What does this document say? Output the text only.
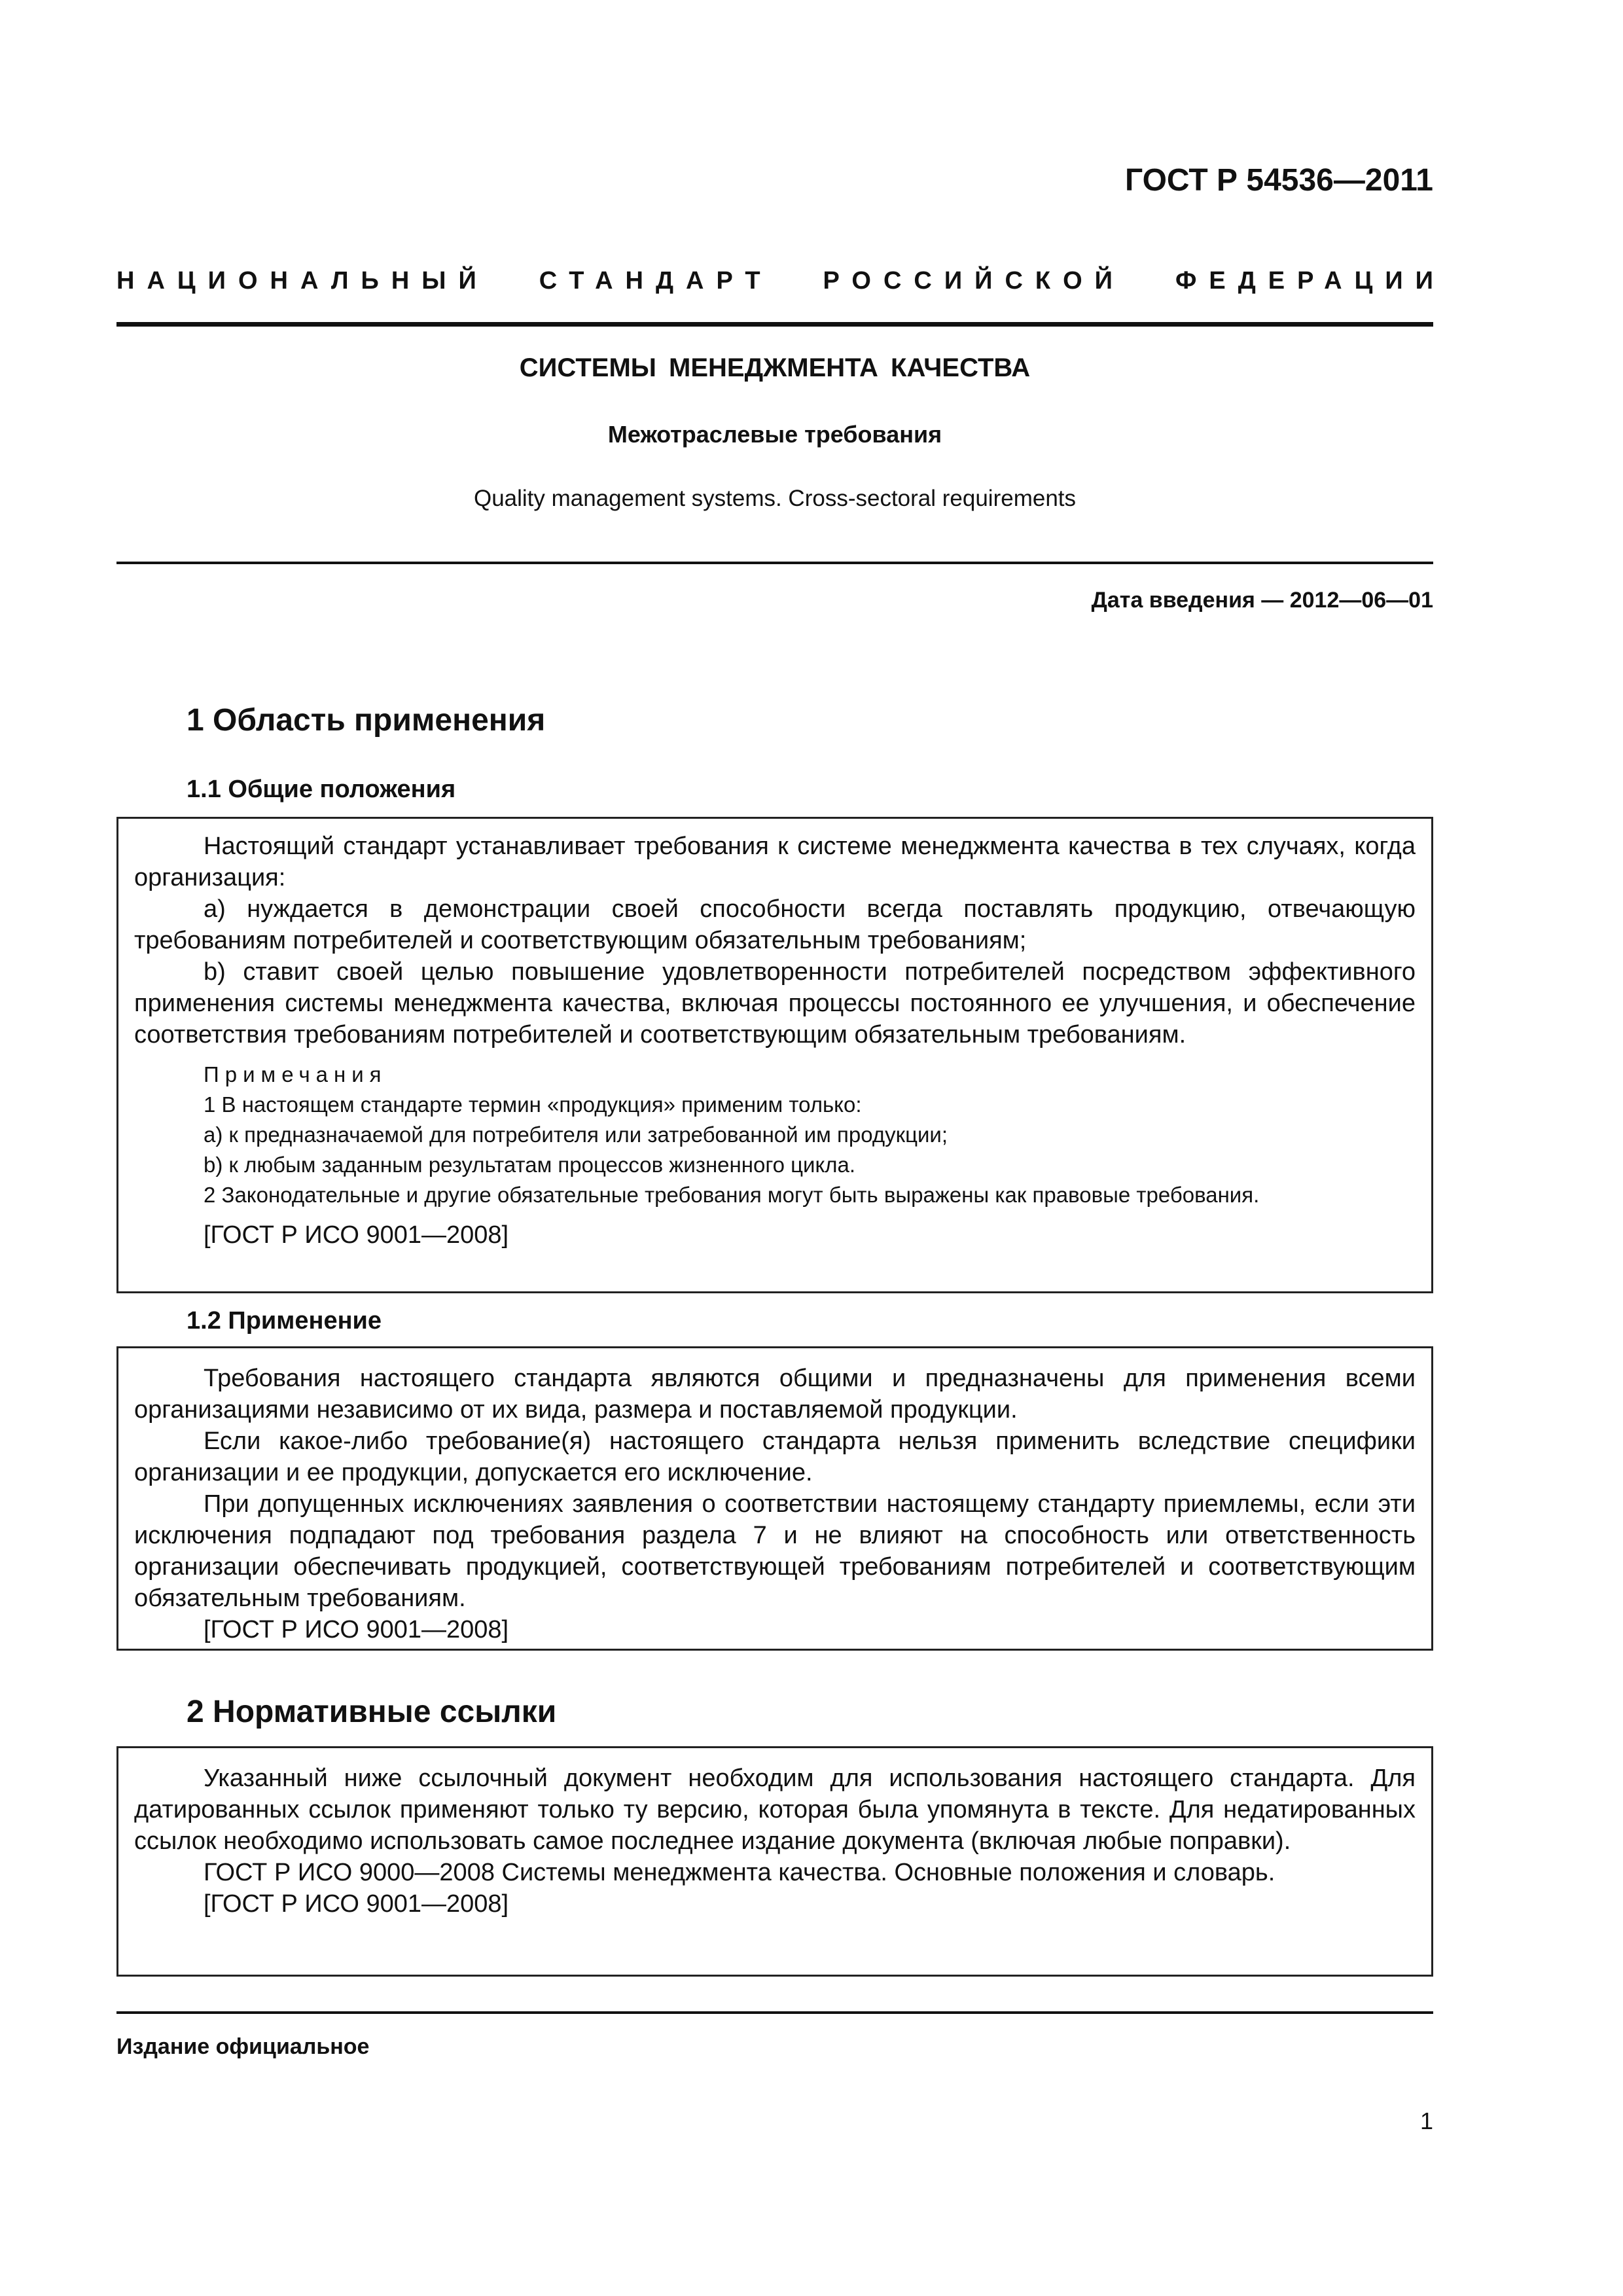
ГОСТ Р 54536—2011
НАЦИОНАЛЬНЫЙ СТАНДАРТ РОССИЙСКОЙ ФЕДЕРАЦИИ
СИСТЕМЫ МЕНЕДЖМЕНТА КАЧЕСТВА
Межотраслевые требования
Quality management systems. Cross-sectoral requirements
Дата введения — 2012—06—01
1 Область применения
1.1 Общие положения

Настоящий стандарт устанавливает требования к системе менеджмента качества в тех случаях, когда организация:

a) нуждается в демонстрации своей способности всегда поставлять продукцию, отвечающую требованиям потребителей и соответствующим обязательным требованиям;

b) ставит своей целью повышение удовлетворенности потребителей посредством эффективного применения системы менеджмента качества, включая процессы постоянного ее улучшения, и обеспечение соответствия требованиям потребителей и соответствующим обязательным требованиям.

Примечания

1 В настоящем стандарте термин «продукция» применим только:

a) к предназначаемой для потребителя или затребованной им продукции;

b) к любым заданным результатам процессов жизненного цикла.

2 Законодательные и другие обязательные требования могут быть выражены как правовые требования.

[ГОСТ Р ИСО 9001—2008]

1.2 Применение

Требования настоящего стандарта являются общими и предназначены для применения всеми организациями независимо от их вида, размера и поставляемой продукции.

Если какое-либо требование(я) настоящего стандарта нельзя применить вследствие специфики организации и ее продукции, допускается его исключение.

При допущенных исключениях заявления о соответствии настоящему стандарту приемлемы, если эти исключения подпадают под требования раздела 7 и не влияют на способность или ответственность организации обеспечивать продукцией, соответствующей требованиям потребителей и соответствующим обязательным требованиям.

[ГОСТ Р ИСО 9001—2008]

2 Нормативные ссылки

Указанный ниже ссылочный документ необходим для использования настоящего стандарта. Для датированных ссылок применяют только ту версию, которая была упомянута в тексте. Для недатированных ссылок необходимо использовать самое последнее издание документа (включая любые поправки).

ГОСТ Р ИСО 9000—2008 Системы менеджмента качества. Основные положения и словарь.

[ГОСТ Р ИСО 9001—2008]

Издание официальное
1
